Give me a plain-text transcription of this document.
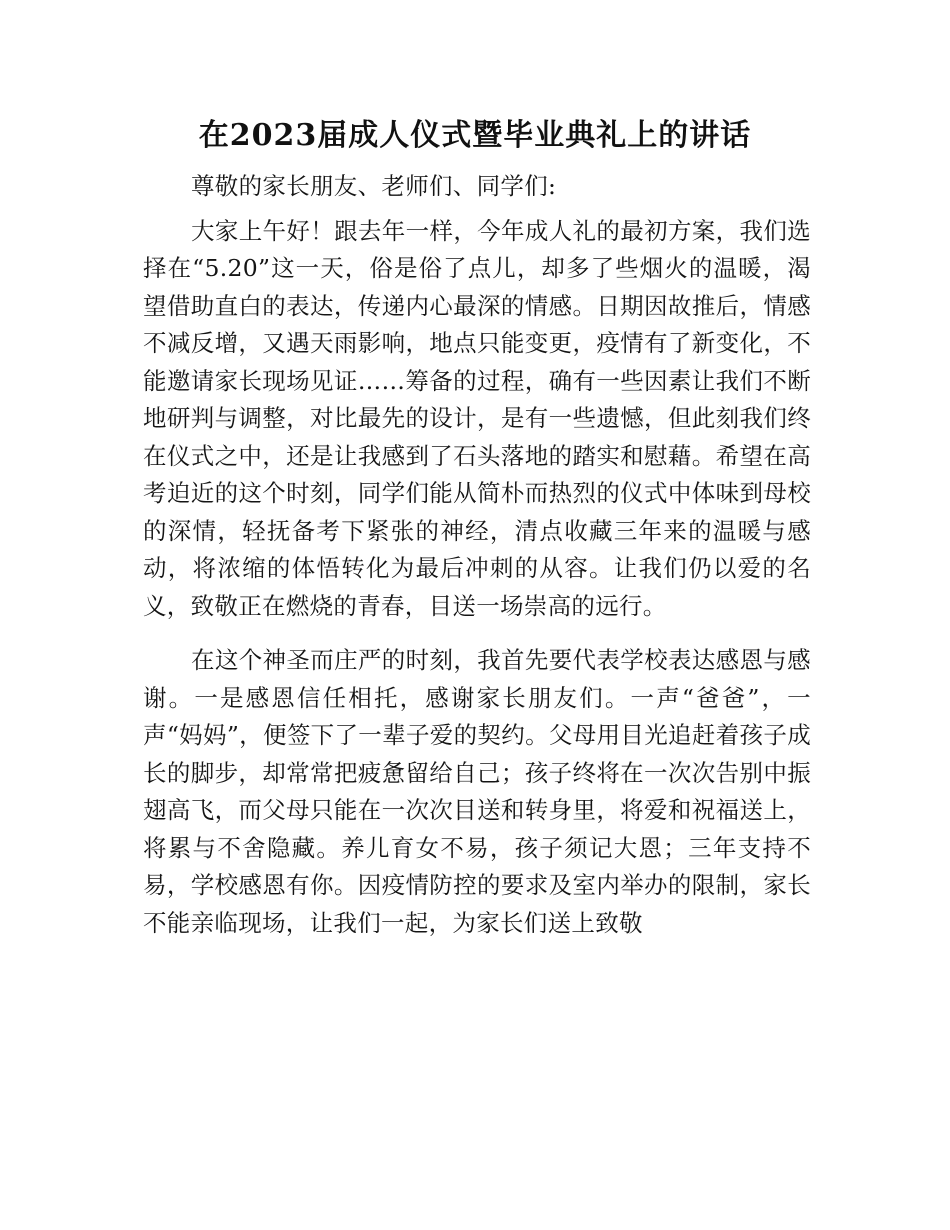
在2023届成人仪式暨毕业典礼上的讲话

尊敬的家长朋友、老师们、同学们:

大家上午好！跟去年一样，今年成人礼的最初方案，我们选择在“5.20”这一天，俗是俗了点儿，却多了些烟火的温暖，渴望借助直白的表达，传递内心最深的情感。日期因故推后，情感不减反增，又遇天雨影响，地点只能变更，疫情有了新变化，不能邀请家长现场见证……筹备的过程，确有一些因素让我们不断地研判与调整，对比最先的设计，是有一些遗憾，但此刻我们终在仪式之中，还是让我感到了石头落地的踏实和慰藉。希望在高考迫近的这个时刻，同学们能从简朴而热烈的仪式中体味到母校的深情，轻抚备考下紧张的神经，清点收藏三年来的温暖与感动，将浓缩的体悟转化为最后冲刺的从容。让我们仍以爱的名义，致敬正在燃烧的青春，目送一场崇高的远行。

在这个神圣而庄严的时刻，我首先要代表学校表达感恩与感谢。一是感恩信任相托，感谢家长朋友们。一声“爸爸”，一声“妈妈”，便签下了一辈子爱的契约。父母用目光追赶着孩子成长的脚步，却常常把疲惫留给自己；孩子终将在一次次告别中振翅高飞，而父母只能在一次次目送和转身里，将爱和祝福送上，将累与不舍隐藏。养儿育女不易，孩子须记大恩；三年支持不易，学校感恩有你。因疫情防控的要求及室内举办的限制，家长不能亲临现场，让我们一起，为家长们送上致敬
